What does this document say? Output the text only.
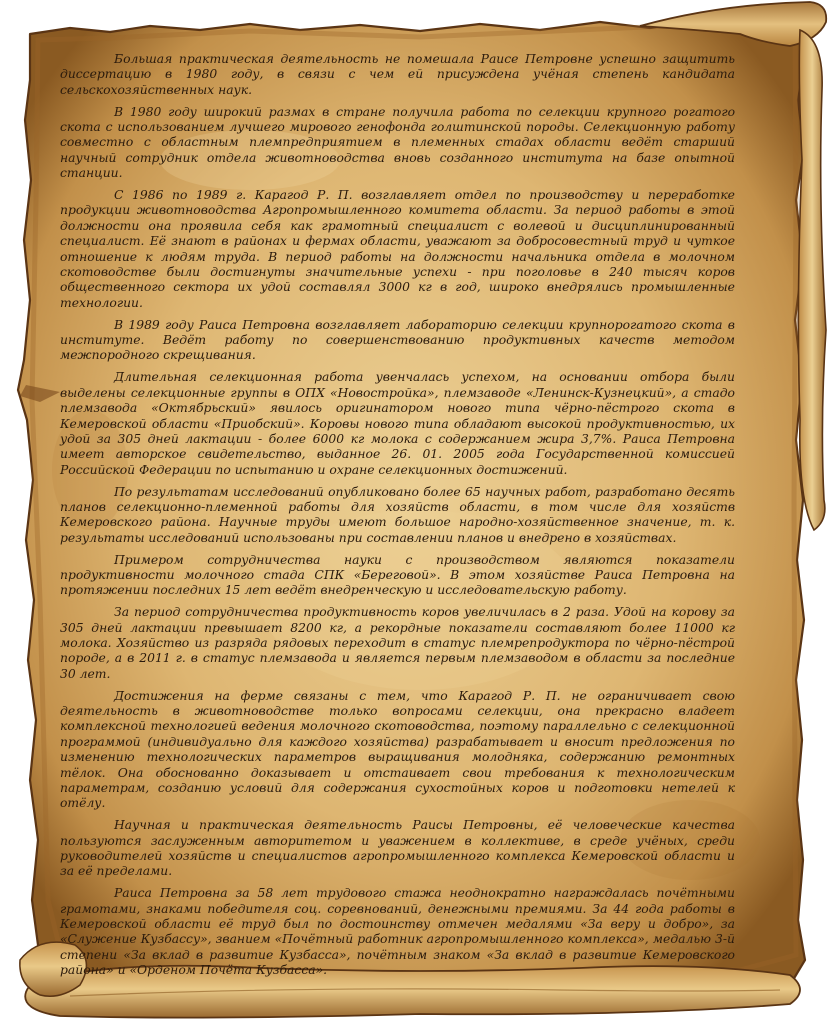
Большая практическая деятельность не помешала Раисе Петровне успешно защитить диссертацию в 1980 году, в связи с чем ей присуждена учёная степень кандидата сельскохозяйственных наук.

В 1980 году широкий размах в стране получила работа по селекции крупного рогатого скота с использованием лучшего мирового генофонда голштинской породы. Селекционную работу совместно с областным племпредприятием в племенных стадах области ведёт старший научный сотрудник отдела животноводства вновь созданного института на базе опытной станции.

С 1986 по 1989 г. Карагод Р. П. возглавляет отдел по производству и переработке продукции животноводства Агропромышленного комитета области. За период работы в этой должности она проявила себя как грамотный специалист с волевой и дисциплинированный специалист. Её знают в районах и фермах области, уважают за добросовестный труд и чуткое отношение к людям труда. В период работы на должности начальника отдела в молочном скотоводстве были достигнуты значительные успехи - при поголовье в 240 тысяч коров общественного сектора их удой составлял 3000 кг в год, широко внедрялись промышленные технологии.

В 1989 году Раиса Петровна возглавляет лабораторию селекции крупнорогатого скота в институте. Ведёт работу по совершенствованию продуктивных качеств методом межпородного скрещивания.

Длительная селекционная работа увенчалась успехом, на основании отбора были выделены селекционные группы в ОПХ «Новостройка», племзаводе «Ленинск-Кузнецкий», а стадо племзавода «Октябрьский» явилось оригинатором нового типа чёрно-пёстрого скота в Кемеровской области «Приобский». Коровы нового типа обладают высокой продуктивностью, их удой за 305 дней лактации - более 6000 кг молока с содержанием жира 3,7%. Раиса Петровна имеет авторское свидетельство, выданное 26. 01. 2005 года Государственной комиссией Российской Федерации по испытанию и охране селекционных достижений.

По результатам исследований опубликовано более 65 научных работ, разработано десять планов селекционно-племенной работы для хозяйств области, в том числе для хозяйств Кемеровского района. Научные труды имеют большое народно-хозяйственное значение, т. к. результаты исследований использованы при составлении планов и внедрено в хозяйствах.

Примером сотрудничества науки с производством являются показатели продуктивности молочного стада СПК «Береговой». В этом хозяйстве Раиса Петровна на протяжении последних 15 лет ведёт внедренческую и исследовательскую работу.

За период сотрудничества продуктивность коров увеличилась в 2 раза. Удой на корову за 305 дней лактации превышает 8200 кг, а рекордные показатели составляют более 11000 кг молока. Хозяйство из разряда рядовых переходит в статус племрепродуктора по чёрно-пёстрой породе, а в 2011 г. в статус племзавода и является первым племзаводом в области за последние 30 лет.

Достижения на ферме связаны с тем, что Карагод Р. П. не ограничивает свою деятельность в животноводстве только вопросами селекции, она прекрасно владеет комплексной технологией ведения молочного скотоводства, поэтому параллельно с селекционной программой (индивидуально для каждого хозяйства) разрабатывает и вносит предложения по изменению технологических параметров выращивания молодняка, содержанию ремонтных тёлок. Она обоснованно доказывает и отстаивает свои требования к технологическим параметрам, созданию условий для содержания сухостойных коров и подготовки нетелей к отёлу.

Научная и практическая деятельность Раисы Петровны, её человеческие качества пользуются заслуженным авторитетом и уважением в коллективе, в среде учёных, среди руководителей хозяйств и специалистов агропромышленного комплекса Кемеровской области и за её пределами.

Раиса Петровна за 58 лет трудового стажа неоднократно награждалась почётными грамотами, знаками победителя соц. соревнований, денежными премиями. За 44 года работы в Кемеровской области её труд был по достоинству отмечен медалями «За веру и добро», за «Служение Кузбассу», званием «Почётный работник агропромышленного комплекса», медалью 3-й степени «За вклад в развитие Кузбасса», почётным знаком «За вклад в развитие Кемеровского района» и «Орденом Почёта Кузбасса».
